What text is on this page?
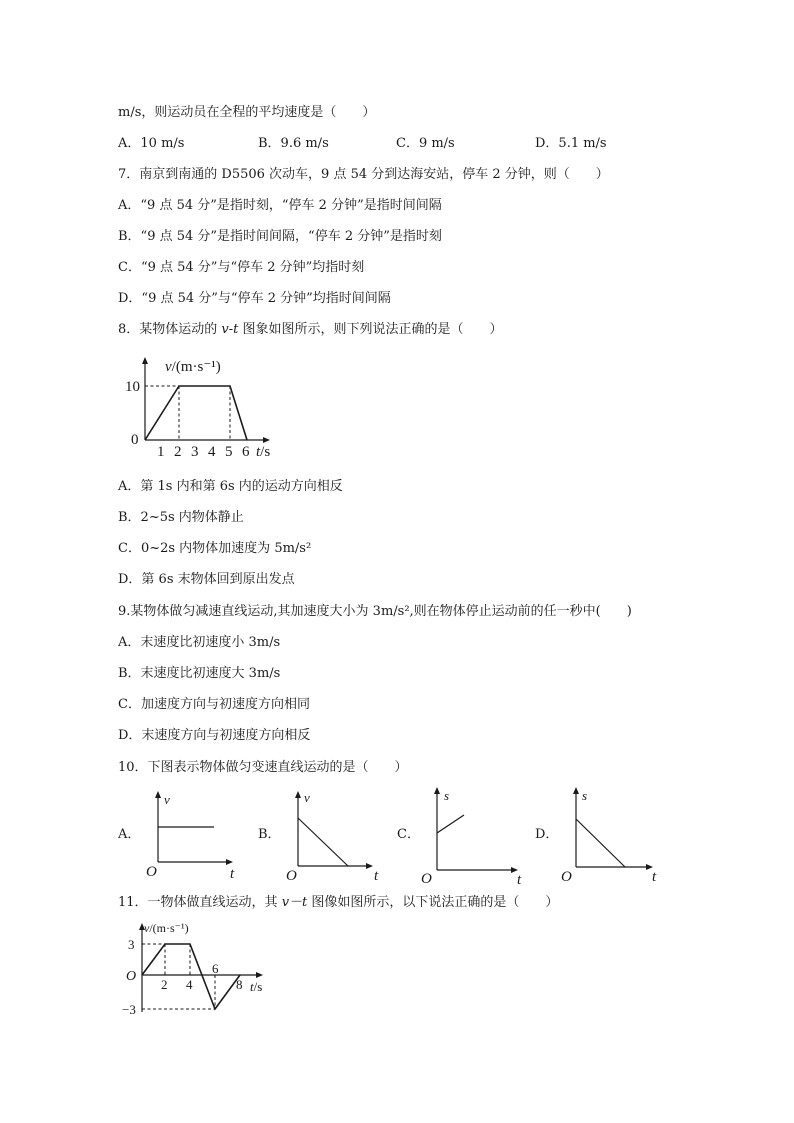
m/s，则运动员在全程的平均速度是（　　）
A．10 m/s	B．9.6 m/s	C．9 m/s	D．5.1 m/s
7．南京到南通的 D5506 次动车，9 点 54 分到达海安站，停车 2 分钟，则（　　）
A．“9 点 54 分”是指时刻，“停车 2 分钟”是指时间间隔
B．“9 点 54 分”是指时间间隔，“停车 2 分钟”是指时刻
C．“9 点 54 分”与“停车 2 分钟”均指时刻
D．“9 点 54 分”与“停车 2 分钟”均指时间间隔
8．某物体运动的 v-t 图象如图所示，则下列说法正确的是（　　）
v/(m·s⁻¹)
10
0
1 2 3 4 5 6 t/s
A．第 1s 内和第 6s 内的运动方向相反
B．2~5s 内物体静止
C．0~2s 内物体加速度为 5m/s²
D．第 6s 末物体回到原出发点
9.某物体做匀减速直线运动,其加速度大小为 3m/s²,则在物体停止运动前的任一秒中(　　)
A．末速度比初速度小 3m/s
B．末速度比初速度大 3m/s
C．加速度方向与初速度方向相同
D．末速度方向与初速度方向相反
10．下图表示物体做匀变速直线运动的是（　　）
A．
v
O	t
B．
v
O	t
C．
s
O	t
D．
s
O	t
11．一物体做直线运动，其 v－t 图像如图所示，以下说法正确的是（　　）
v/(m·s⁻¹)
3
O
−3
2 4
6
8 t/s
